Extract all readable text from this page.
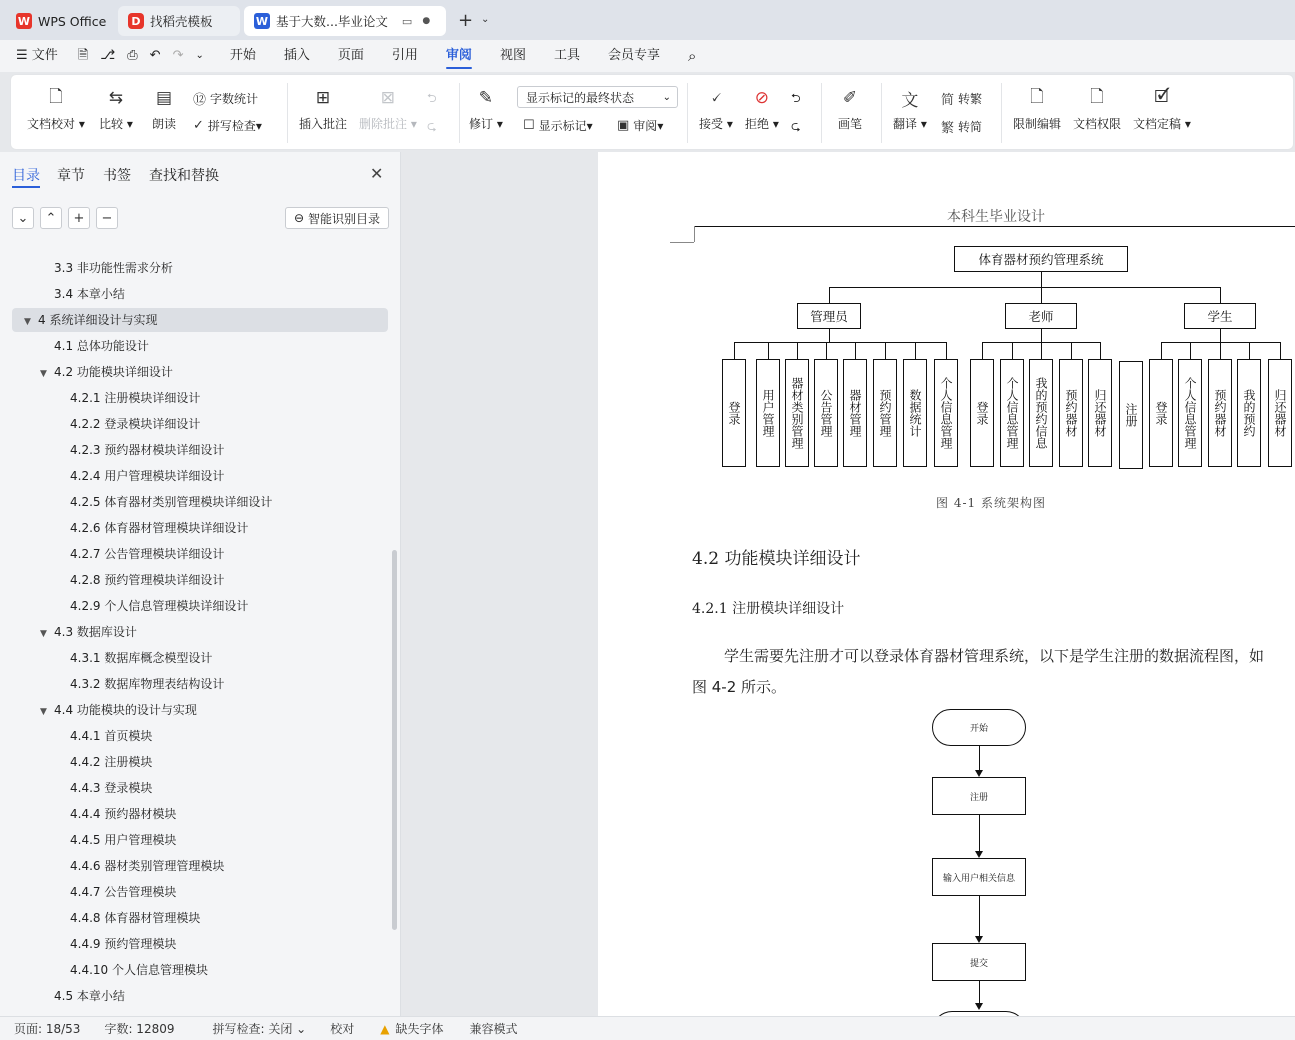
W WPS Office	D 找稻壳模板	W 基于大数...毕业论文 ▭ ● + ⌄
☰ 文件	🗎 ⎇ ⎙ ↶ ↷	⌄	开始	插入	页面	引用	审阅	视图	工具	会员专享	⌕
🗋
文档校对 ▾
⇆
比较 ▾
▤
朗读
⑫ 字数统计
✓ 拼写检查 ▾
⊞
插入批注
⊠
删除批注 ▾
⮌
⮎
✎
修订 ▾
显示标记的最终状态	⌄
☐ 显示标记 ▾ ▣ 审阅 ▾
🗸
接受 ▾
⊘
拒绝 ▾
⮌
⮎
✐
画笔
文
翻译 ▾
简 转繁
繁 转简
🗋
限制编辑
🗋
文档权限
🗹
文档定稿 ▾
目录 章节 书签 查找和替换	✕
⌄ ⌃ + −	⊖ 智能识别目录
3.3 非功能性需求分析
3.4 本章小结
▼ 4 系统详细设计与实现
4.1 总体功能设计
▼ 4.2 功能模块详细设计
4.2.1 注册模块详细设计
4.2.2 登录模块详细设计
4.2.3 预约器材模块详细设计
4.2.4 用户管理模块详细设计
4.2.5 体育器材类别管理模块详细设计
4.2.6 体育器材管理模块详细设计
4.2.7 公告管理模块详细设计
4.2.8 预约管理模块详细设计
4.2.9 个人信息管理模块详细设计
▼ 4.3 数据库设计
4.3.1 数据库概念模型设计
4.3.2 数据库物理表结构设计
▼ 4.4 功能模块的设计与实现
4.4.1 首页模块
4.4.2 注册模块
4.4.3 登录模块
4.4.4 预约器材模块
4.4.5 用户管理模块
4.4.6 器材类别管理管理模块
4.4.7 公告管理模块
4.4.8 体育器材管理模块
4.4.9 预约管理模块
4.4.10 个人信息管理模块
4.5 本章小结
本科生毕业设计
体育器材预约管理系统
管理员
登录	用户管理	器材类别管理	公告管理	器材管理	预约管理	数据统计	个人信息管理
老师
登录	个人信息管理	我的预约信息	预约器材	归还器材
学生
注册	登录	个人信息管理	预约器材	我的预约	归还器材
图 4-1 系统架构图
4.2 功能模块详细设计
4.2.1 注册模块详细设计
学生需要先注册才可以登录体育器材管理系统，以下是学生注册的数据流程图，如
图 4-2 所示。
开始
注册
输入用户相关信息
提交
页面: 18/53 字数: 12809	拼写检查: 关闭 ⌄ 校对 ▲ 缺失字体 兼容模式
